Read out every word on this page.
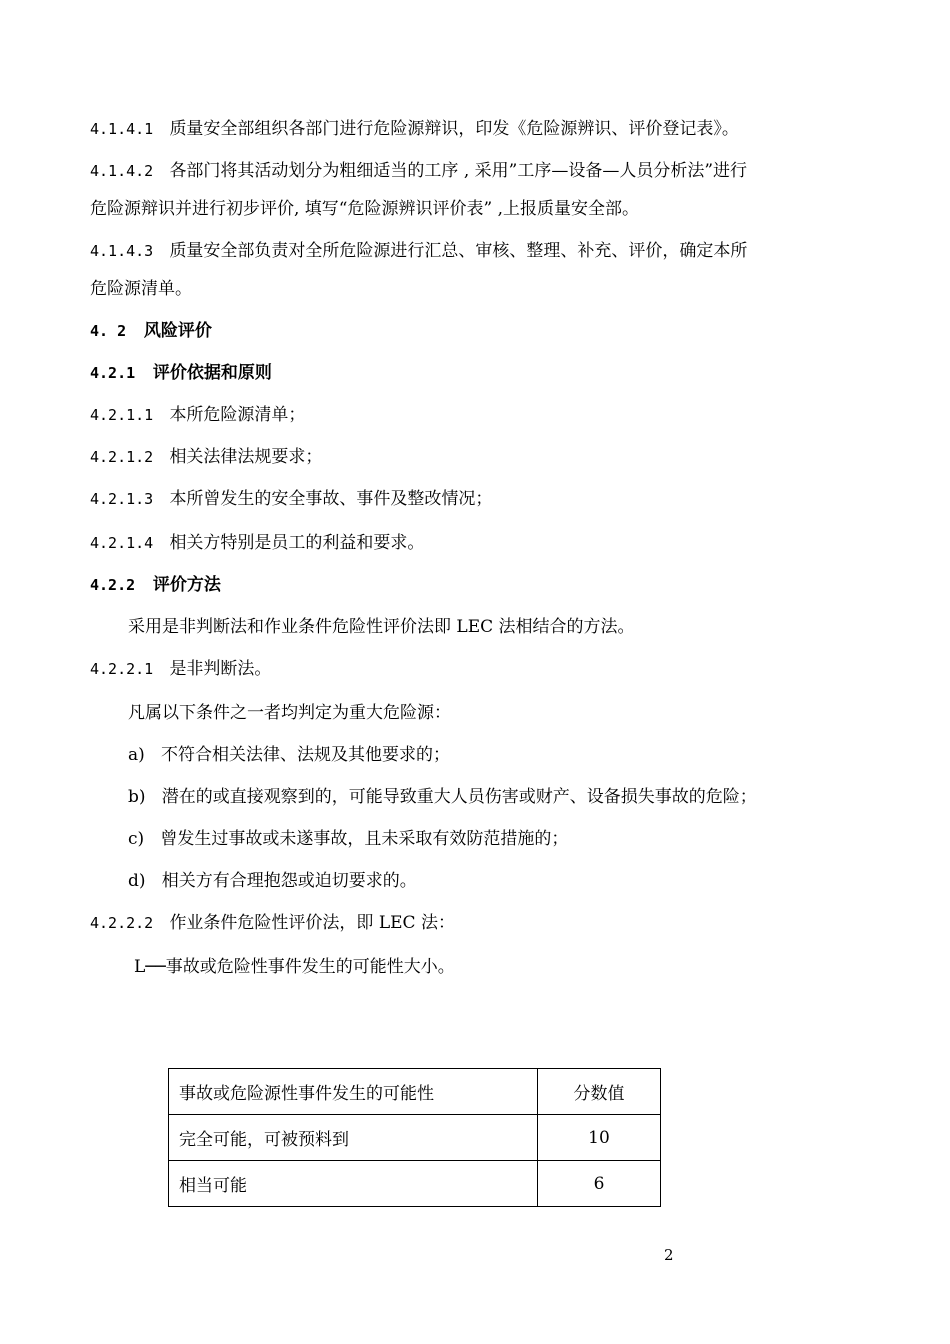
4.1.4.1 质量安全部组织各部门进行危险源辩识，印发《危险源辨识、评价登记表》。
4.1.4.2 各部门将其活动划分为粗细适当的工序 , 采用”工序—设备—人员分析法”进行
危险源辩识并进行初步评价, 填写“危险源辨识评价表” ,上报质量安全部。
4.1.4.3 质量安全部负责对全所危险源进行汇总、审核、整理、补充、评价，确定本所
危险源清单。
4. 2 风险评价
4.2.1 评价依据和原则
4.2.1.1 本所危险源清单；
4.2.1.2 相关法律法规要求；
4.2.1.3 本所曾发生的安全事故、事件及整改情况；
4.2.1.4 相关方特别是员工的利益和要求。
4.2.2 评价方法
采用是非判断法和作业条件危险性评价法即 LEC 法相结合的方法。
4.2.2.1 是非判断法。
凡属以下条件之一者均判定为重大危险源：
a) 不符合相关法律、法规及其他要求的；
b) 潜在的或直接观察到的，可能导致重大人员伤害或财产、设备损失事故的危险；
c) 曾发生过事故或未遂事故，且未采取有效防范措施的；
d) 相关方有合理抱怨或迫切要求的。
4.2.2.2 作业条件危险性评价法，即 LEC 法：
L──事故或危险性事件发生的可能性大小。
事故或危险源性事件发生的可能性	分数值
完全可能，可被预料到	10
相当可能	6
2
